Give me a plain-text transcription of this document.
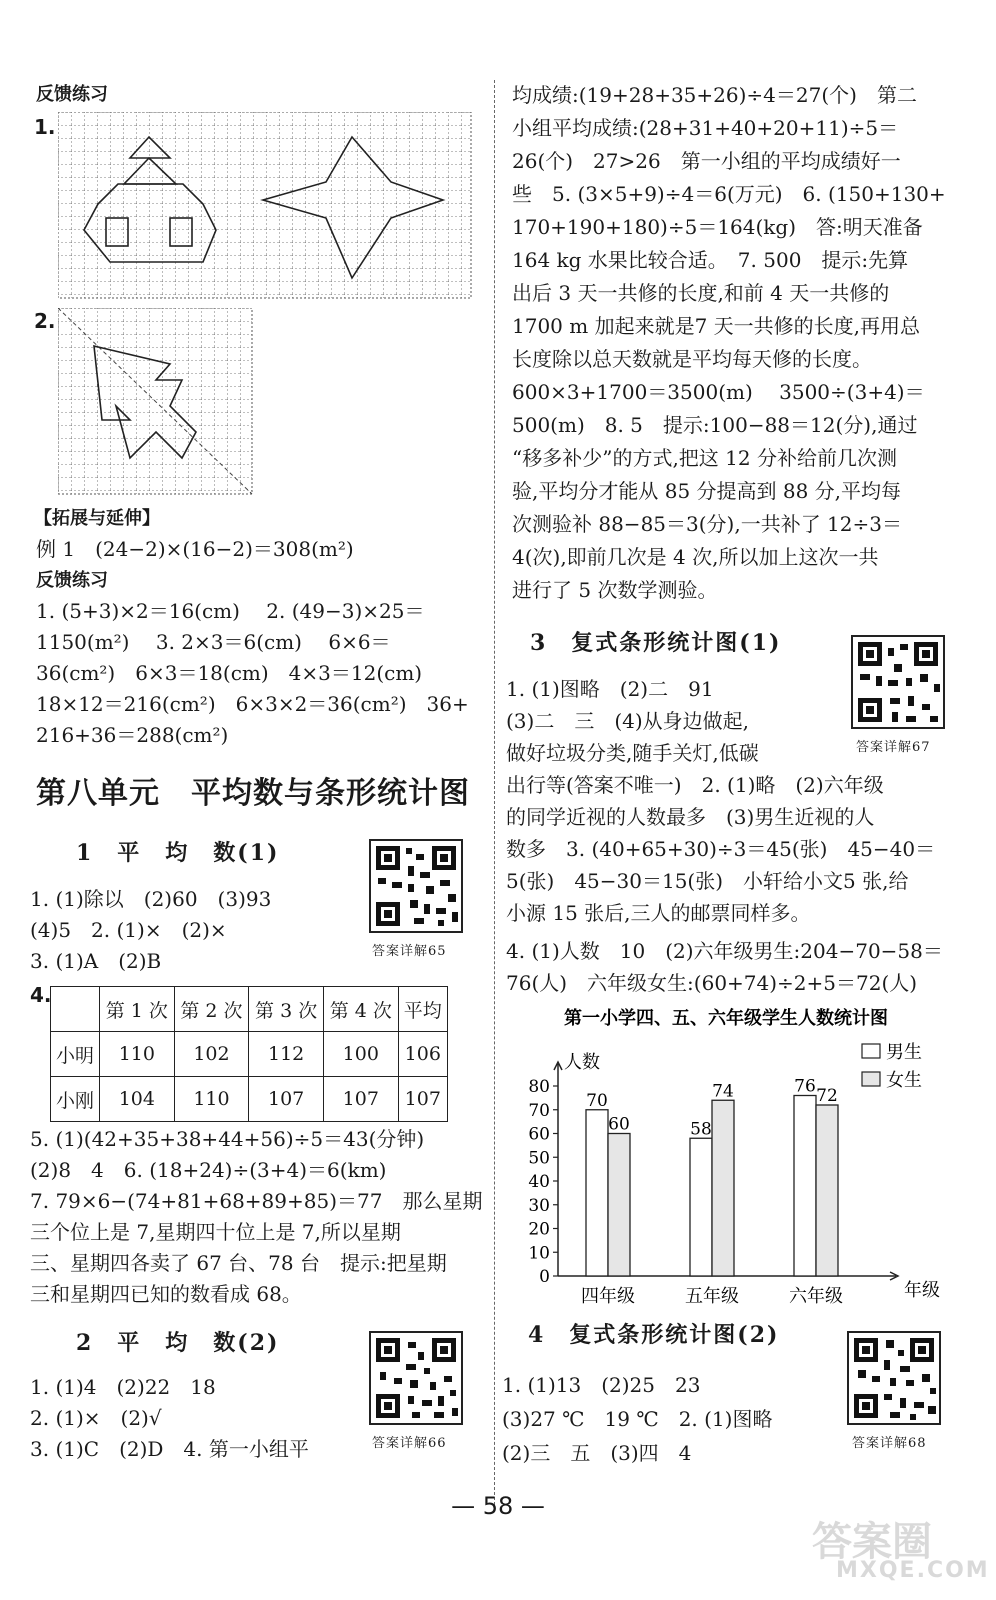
反馈练习
1.
2.
【拓展与延伸】
例 1　(24−2)×(16−2)＝308(m²)
反馈练习
1. (5+3)×2＝16(cm)　 2. (49−3)×25＝
1150(m²)　 3. 2×3＝6(cm)　 6×6＝
36(cm²)　6×3＝18(cm)　4×3＝12(cm)
18×12＝216(cm²)　6×3×2＝36(cm²)　36+
216+36＝288(cm²)
第八单元　平均数与条形统计图
1　平　均　数(1)
1. (1)除以　(2)60　(3)93
(4)5　2. (1)×　(2)×
3. (1)A　(2)B	答案详解65
4.
	第 1 次	第 2 次	第 3 次	第 4 次	平均
小明	110	102	112	100	106
小刚	104	110	107	107	107
5. (1)(42+35+38+44+56)÷5＝43(分钟)
(2)8　4　6. (18+24)÷(3+4)＝6(km)
7. 79×6−(74+81+68+89+85)＝77　那么星期
三个位上是 7,星期四十位上是 7,所以星期
三、星期四各卖了 67 台、78 台　提示:把星期
三和星期四已知的数看成 68。
2　平　均　数(2)
1. (1)4　(2)22　18
2. (1)×　(2)√
3. (1)C　(2)D　4. 第一小组平	答案详解66
均成绩:(19+28+35+26)÷4＝27(个)　第二
小组平均成绩:(28+31+40+20+11)÷5＝
26(个)　27>26　第一小组的平均成绩好一
些　5. (3×5+9)÷4＝6(万元)　6. (150+130+
170+190+180)÷5＝164(kg)　答:明天准备
164 kg 水果比较合适。　7. 500　提示:先算
出后 3 天一共修的长度,和前 4 天一共修的
1700 m 加起来就是7 天一共修的长度,再用总
长度除以总天数就是平均每天修的长度。
600×3+1700＝3500(m)　 3500÷(3+4)＝
500(m)　8. 5　提示:100−88＝12(分),通过
“移多补少”的方式,把这 12 分补给前几次测
验,平均分才能从 85 分提高到 88 分,平均每
次测验补 88−85＝3(分),一共补了 12÷3＝
4(次),即前几次是 4 次,所以加上这次一共
进行了 5 次数学测验。
3　复式条形统计图(1)
答案详解67
1. (1)图略　(2)二　91
(3)二　三　(4)从身边做起,
做好垃圾分类,随手关灯,低碳
出行等(答案不唯一)　2. (1)略　(2)六年级
的同学近视的人数最多　(3)男生近视的人
数多　3. (40+65+30)÷3＝45(张)　45−40＝
5(张)　45−30＝15(张)　小轩给小文5 张,给
小源 15 张后,三人的邮票同样多。
4. (1)人数　10　(2)六年级男生:204−70−58＝
76(人)　六年级女生:(60+74)÷2+5＝72(人)
第一小学四、五、六年级学生人数统计图
人数
年级
0
10
20
30
40
50
60
70
80
70
60
四年级
58
74
五年级
76 72
六年级
男生
女生
4　复式条形统计图(2)
答案详解68
1. (1)13　(2)25　23
(3)27 ℃　19 ℃　2. (1)图略
(2)三　五　(3)四　4
— 58 —
答案圈
MXQE.COM
